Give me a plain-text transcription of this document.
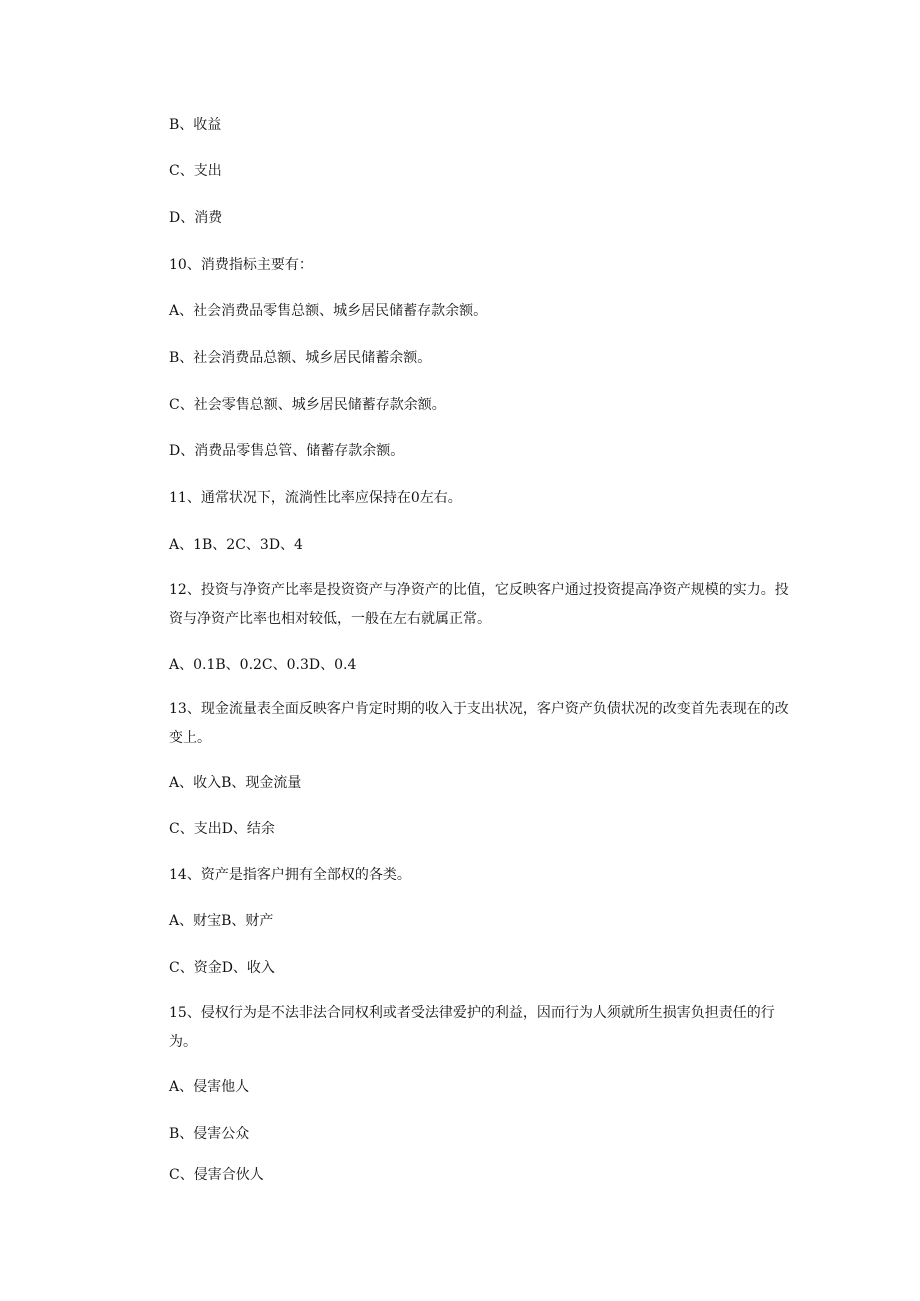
B、收益
C、支出
D、消费
10、消费指标主要有：
A、社会消费品零售总额、城乡居民储蓄存款余额。
B、社会消费品总额、城乡居民储蓄余额。
C、社会零售总额、城乡居民储蓄存款余额。
D、消费品零售总管、储蓄存款余额。
11、通常状况下，流淌性比率应保持在0左右。
A、1B、2C、3D、4
12、投资与净资产比率是投资资产与净资产的比值，它反映客户通过投资提高净资产规模的实力。投资与净资产比率也相对较低，一般在左右就属正常。
A、0.1B、0.2C、0.3D、0.4
13、现金流量表全面反映客户肯定时期的收入于支出状况，客户资产负债状况的改变首先表现在的改变上。
A、收入B、现金流量
C、支出D、结余
14、资产是指客户拥有全部权的各类。
A、财宝B、财产
C、资金D、收入
15、侵权行为是不法非法合同权利或者受法律爱护的利益，因而行为人须就所生损害负担责任的行为。
A、侵害他人
B、侵害公众
C、侵害合伙人
